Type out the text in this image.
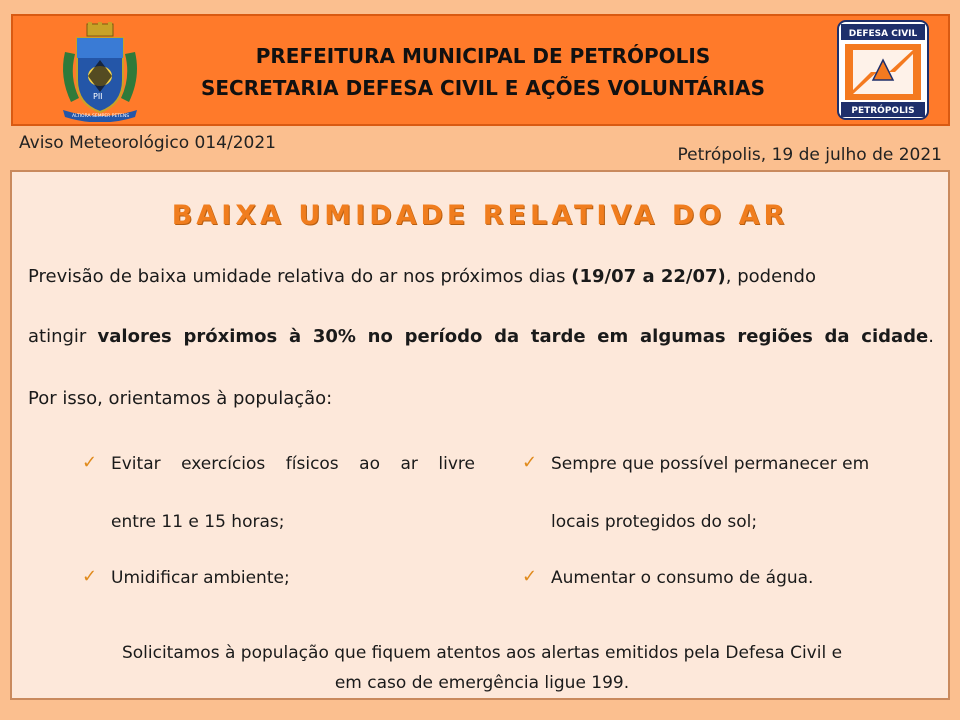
PII
ALTIORA SEMPER PETENS
PREFEITURA MUNICIPAL DE PETRÓPOLIS
SECRETARIA DEFESA CIVIL E AÇÕES VOLUNTÁRIAS
DEFESA CIVIL
PETRÓPOLIS
Aviso Meteorológico 014/2021
Petrópolis, 19 de julho de 2021
BAIXA UMIDADE RELATIVA DO AR
Previsão de baixa umidade relativa do ar nos próximos dias (19/07 a 22/07), podendo
atingir valores próximos à 30% no período da tarde em algumas regiões da cidade.
Por isso, orientamos à população:
✓ Evitar exercícios físicos ao ar livre
entre 11 e 15 horas;
✓ Umidificar ambiente;
✓ Sempre que possível permanecer em
locais protegidos do sol;
✓ Aumentar o consumo de água.
Solicitamos à população que fiquem atentos aos alertas emitidos pela Defesa Civil e
em caso de emergência ligue 199.
